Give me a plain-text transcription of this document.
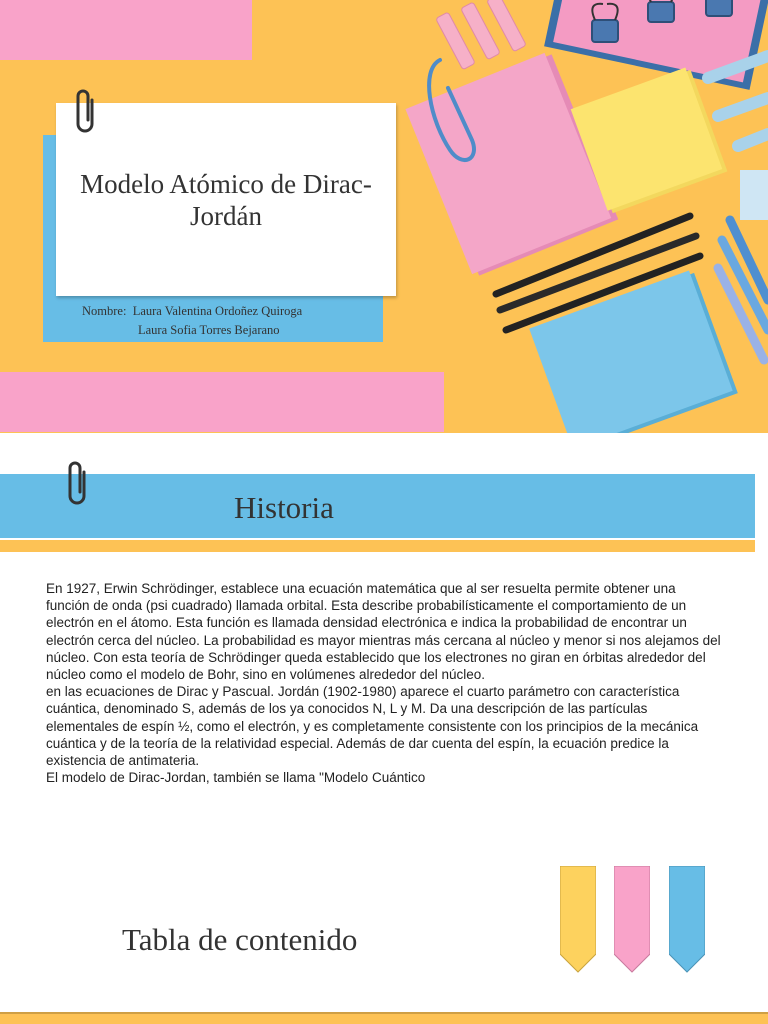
Modelo Atómico de Dirac-Jordán
Nombre: Laura Valentina Ordoñez Quiroga
Laura Sofia Torres Bejarano
Historia

En 1927, Erwin Schrödinger, establece una ecuación matemática que al ser resuelta permite obtener una función de onda (psi cuadrado) llamada orbital. Esta describe probabilísticamente el comportamiento de un electrón en el átomo. Esta función es llamada densidad electrónica e indica la probabilidad de encontrar un electrón cerca del núcleo. La probabilidad es mayor mientras más cercana al núcleo y menor si nos alejamos del núcleo. Con esta teoría de Schrödinger queda establecido que los electrones no giran en órbitas alrededor del núcleo como el modelo de Bohr, sino en volúmenes alrededor del núcleo.

en las ecuaciones de Dirac y Pascual. Jordán (1902-1980) aparece el cuarto parámetro con característica cuántica, denominado S, además de los ya conocidos N, L y M. Da una descripción de las partículas elementales de espín ½, como el electrón, y es completamente consistente con los principios de la mecánica cuántica y de la teoría de la relatividad especial. Además de dar cuenta del espín, la ecuación predice la existencia de antimateria.

El modelo de Dirac-Jordan, también se llama "Modelo Cuántico

Tabla de contenido
